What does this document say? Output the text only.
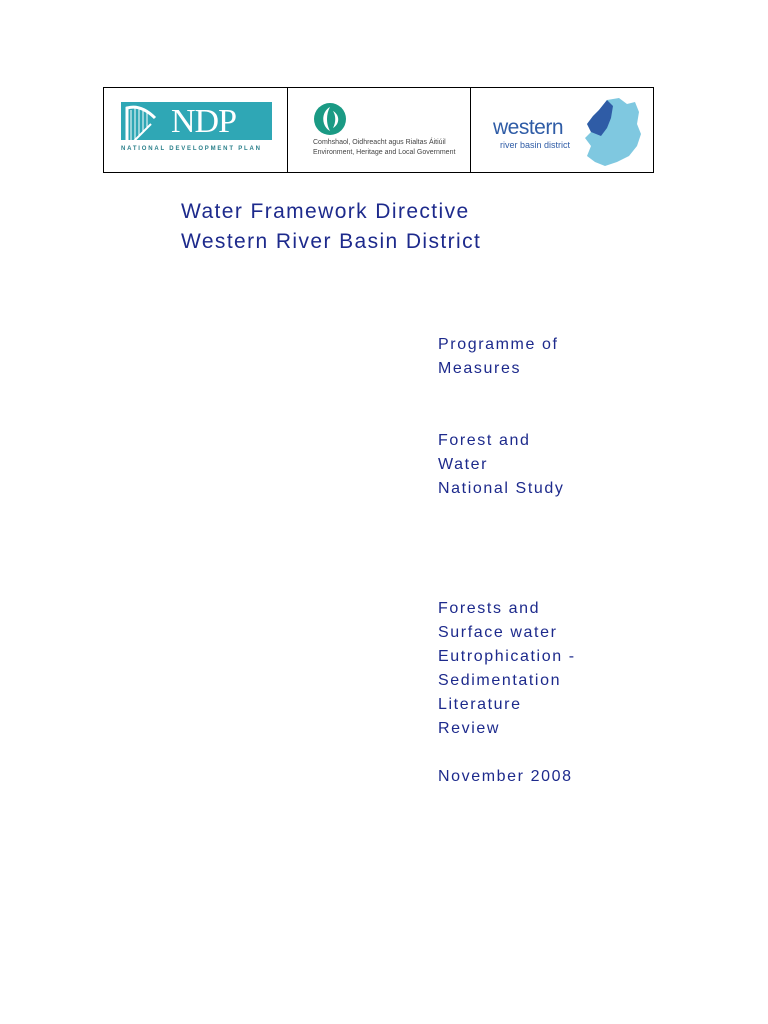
NDP
NATIONAL DEVELOPMENT PLAN
Comhshaol, Oidhreacht agus Rialtas Áitiúil
Environment, Heritage and Local Government
western
river basin district
Water Framework Directive
Western River Basin District
Programme of
Measures
Forest and
Water
National Study
Forests and
Surface water
Eutrophication -
Sedimentation
Literature
Review
November 2008
